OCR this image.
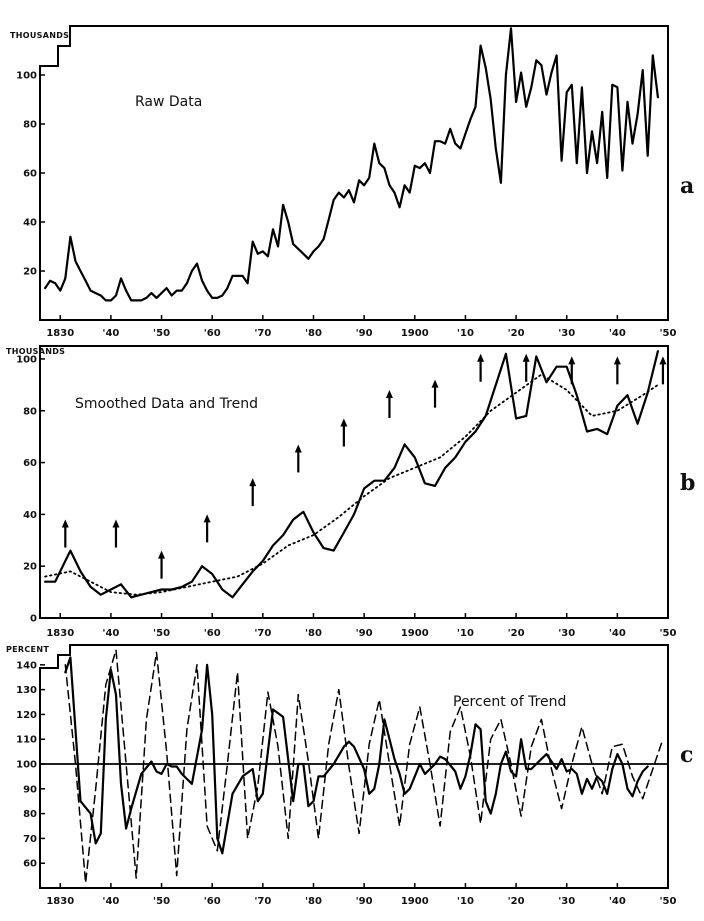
THOUSANDS
Raw Data
a
1830	'40	'50	'60	'70	'80	'90	1900	'10	'20	'30	'40	'50
20
40
60
80
100
THOUSANDS
Smoothed Data and Trend
b
1830	'40	'50	'60	'70	'80	'90	1900	'10	'20	'30	'40	'50
0
20
40
60
80
100
PERCENT
Percent of Trend
c
1830	'40	'50	'60	'70	'80	'90	1900	'10	'20	'30	'40	'50
60
70
80
90
100
110
120
130
140
